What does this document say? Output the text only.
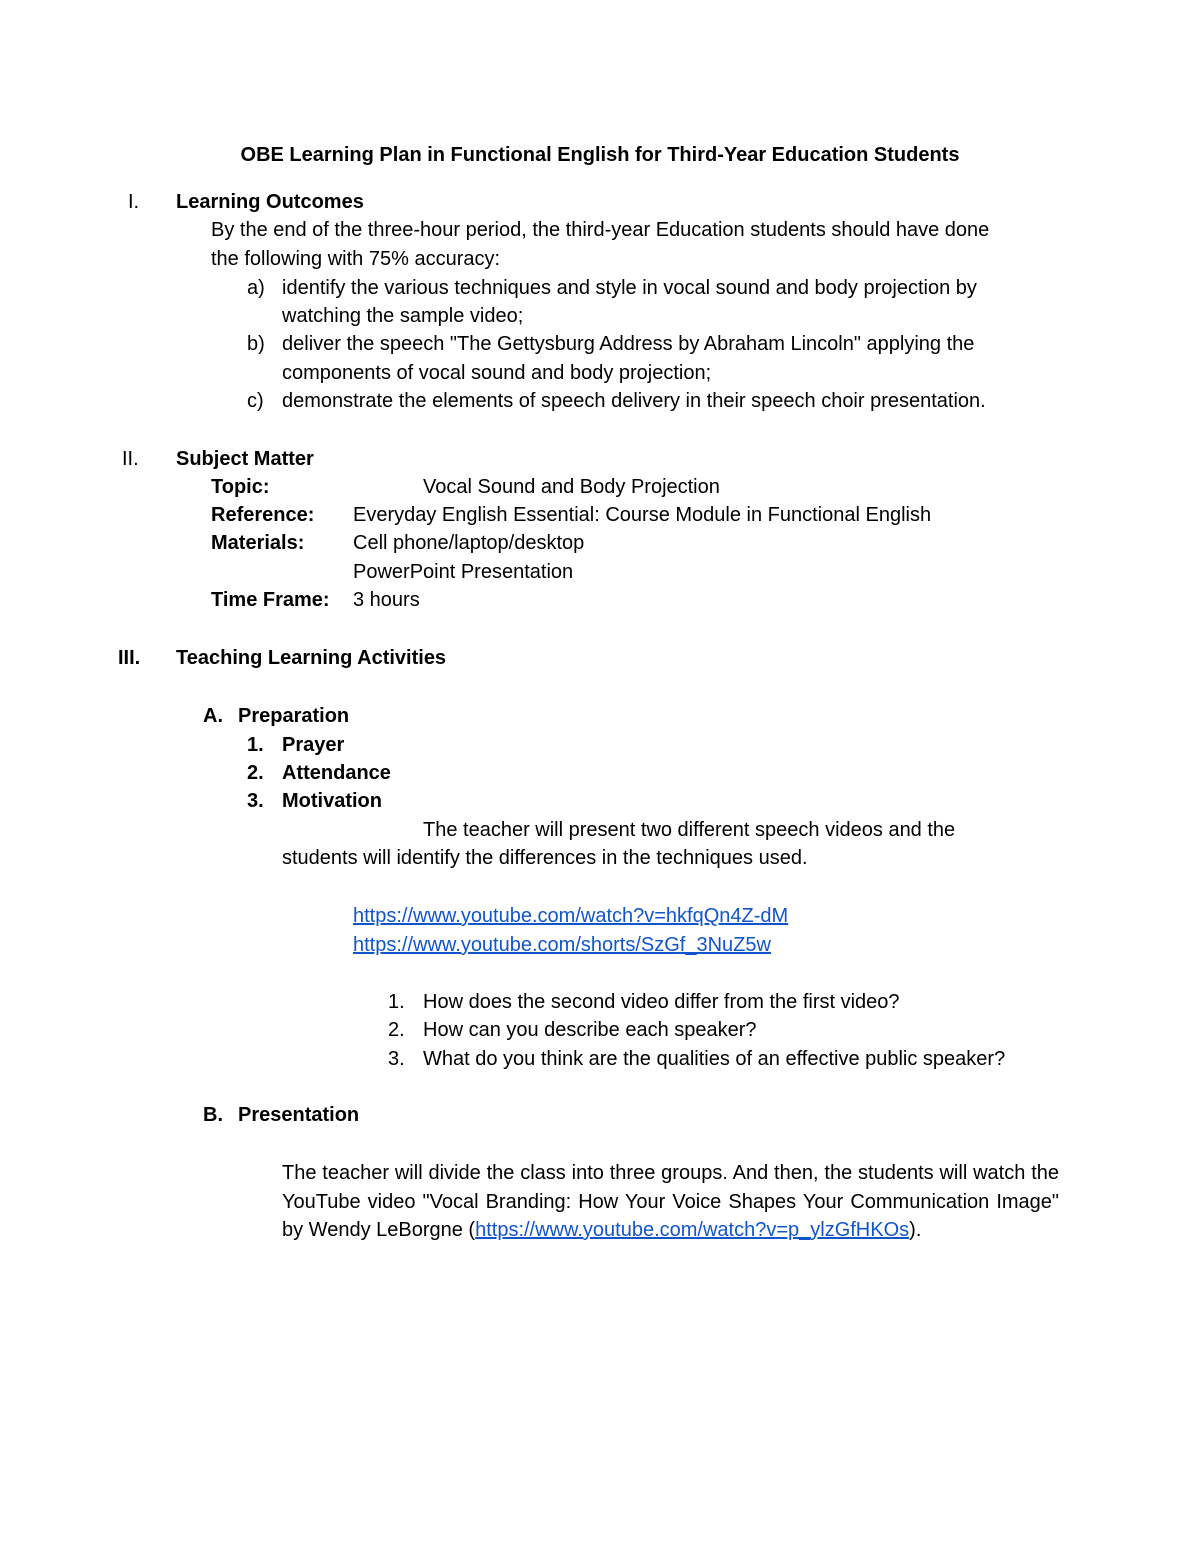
OBE Learning Plan in Functional English for Third-Year Education Students
I. Learning Outcomes
By the end of the three-hour period, the third-year Education students should have done
the following with 75% accuracy:
a) identify the various techniques and style in vocal sound and body projection by
watching the sample video;
b) deliver the speech "The Gettysburg Address by Abraham Lincoln" applying the
components of vocal sound and body projection;
c) demonstrate the elements of speech delivery in their speech choir presentation.
II. Subject Matter
Topic:	Vocal Sound and Body Projection
Reference: Everyday English Essential: Course Module in Functional English
Materials: Cell phone/laptop/desktop
PowerPoint Presentation
Time Frame: 3 hours
III. Teaching Learning Activities
A. Preparation
1. Prayer
2. Attendance
3. Motivation
The teacher will present two different speech videos and the
students will identify the differences in the techniques used.
https://www.youtube.com/watch?v=hkfqQn4Z-dM
https://www.youtube.com/shorts/SzGf_3NuZ5w
1. How does the second video differ from the first video?
2. How can you describe each speaker?
3. What do you think are the qualities of an effective public speaker?
B. Presentation
The teacher will divide the class into three groups. And then, the students will watch the YouTube video "Vocal Branding: How Your Voice Shapes Your Communication Image" by Wendy LeBorgne (https://www.youtube.com/watch?v=p_ylzGfHKOs).
